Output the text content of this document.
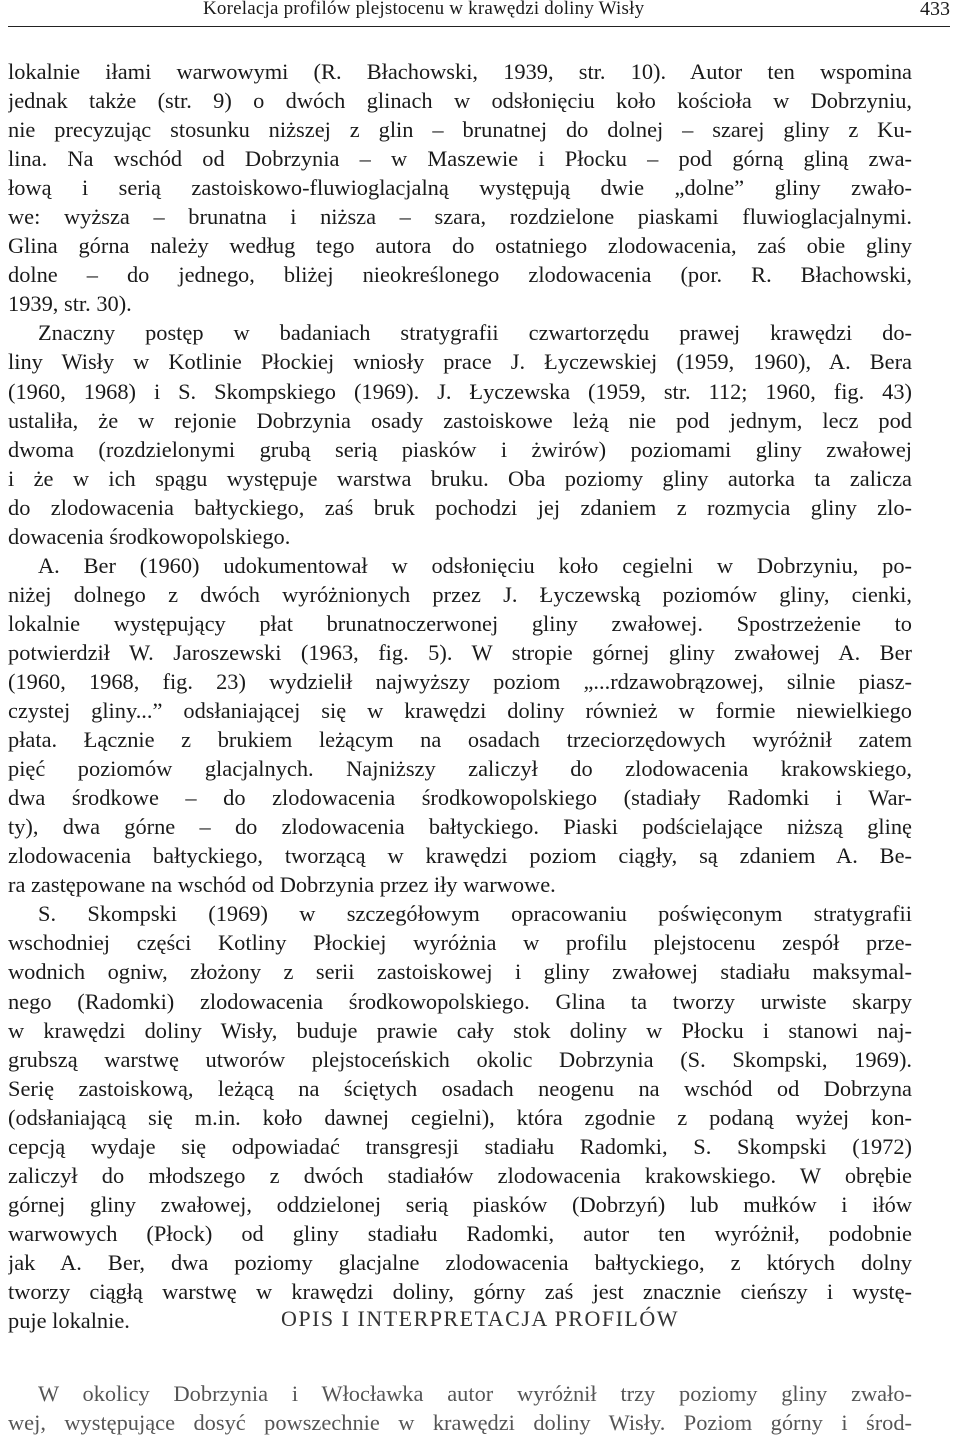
Korelacja profilów plejstocenu w krawędzi doliny Wisły	433
lokalnie iłami warwowymi (R. Błachowski, 1939, str. 10). Autor ten wspomina
jednak także (str. 9) o dwóch glinach w odsłonięciu koło kościoła w Dobrzyniu,
nie precyzując stosunku niższej z glin – brunatnej do dolnej – szarej gliny z Ku-
lina. Na wschód od Dobrzynia – w Maszewie i Płocku – pod górną gliną zwa-
łową i serią zastoiskowo-fluwioglacjalną występują dwie „dolne” gliny zwało-
we: wyższa – brunatna i niższa – szara, rozdzielone piaskami fluwioglacjalnymi.
Glina górna należy według tego autora do ostatniego zlodowacenia, zaś obie gliny
dolne – do jednego, bliżej nieokreślonego zlodowacenia (por. R. Błachowski,
1939, str. 30).
Znaczny postęp w badaniach stratygrafii czwartorzędu prawej krawędzi do-
liny Wisły w Kotlinie Płockiej wniosły prace J. Łyczewskiej (1959, 1960), A. Bera
(1960, 1968) i S. Skompskiego (1969). J. Łyczewska (1959, str. 112; 1960, fig. 43)
ustaliła, że w rejonie Dobrzynia osady zastoiskowe leżą nie pod jednym, lecz pod
dwoma (rozdzielonymi grubą serią piasków i żwirów) poziomami gliny zwałowej
i że w ich spągu występuje warstwa bruku. Oba poziomy gliny autorka ta zalicza
do zlodowacenia bałtyckiego, zaś bruk pochodzi jej zdaniem z rozmycia gliny zlo-
dowacenia środkowopolskiego.
A. Ber (1960) udokumentował w odsłonięciu koło cegielni w Dobrzyniu, po-
niżej dolnego z dwóch wyróżnionych przez J. Łyczewską poziomów gliny, cienki,
lokalnie występujący płat brunatnoczerwonej gliny zwałowej. Spostrzeżenie to
potwierdził W. Jaroszewski (1963, fig. 5). W stropie górnej gliny zwałowej A. Ber
(1960, 1968, fig. 23) wydzielił najwyższy poziom „...rdzawobrązowej, silnie piasz-
czystej gliny...” odsłaniającej się w krawędzi doliny również w formie niewielkiego
płata. Łącznie z brukiem leżącym na osadach trzeciorzędowych wyróżnił zatem
pięć poziomów glacjalnych. Najniższy zaliczył do zlodowacenia krakowskiego,
dwa środkowe – do zlodowacenia środkowopolskiego (stadiały Radomki i War-
ty), dwa górne – do zlodowacenia bałtyckiego. Piaski podścielające niższą glinę
zlodowacenia bałtyckiego, tworzącą w krawędzi poziom ciągły, są zdaniem A. Be-
ra zastępowane na wschód od Dobrzynia przez iły warwowe.
S. Skompski (1969) w szczegółowym opracowaniu poświęconym stratygrafii
wschodniej części Kotliny Płockiej wyróżnia w profilu plejstocenu zespół prze-
wodnich ogniw, złożony z serii zastoiskowej i gliny zwałowej stadiału maksymal-
nego (Radomki) zlodowacenia środkowopolskiego. Glina ta tworzy urwiste skarpy
w krawędzi doliny Wisły, buduje prawie cały stok doliny w Płocku i stanowi naj-
grubszą warstwę utworów plejstoceńskich okolic Dobrzynia (S. Skompski, 1969).
Serię zastoiskową, leżącą na ściętych osadach neogenu na wschód od Dobrzyna
(odsłaniającą się m.in. koło dawnej cegielni), która zgodnie z podaną wyżej kon-
cepcją wydaje się odpowiadać transgresji stadiału Radomki, S. Skompski (1972)
zaliczył do młodszego z dwóch stadiałów zlodowacenia krakowskiego. W obrębie
górnej gliny zwałowej, oddzielonej serią piasków (Dobrzyń) lub mułków i iłów
warwowych (Płock) od gliny stadiału Radomki, autor ten wyróżnił, podobnie
jak A. Ber, dwa poziomy glacjalne zlodowacenia bałtyckiego, z których dolny
tworzy ciągłą warstwę w krawędzi doliny, górny zaś jest znacznie cieńszy i wystę-
puje lokalnie.	OPIS I INTERPRETACJA PROFILÓW
W okolicy Dobrzynia i Włocławka autor wyróżnił trzy poziomy gliny zwało-
wej, występujące dosyć powszechnie w krawędzi doliny Wisły. Poziom górny i środ-
